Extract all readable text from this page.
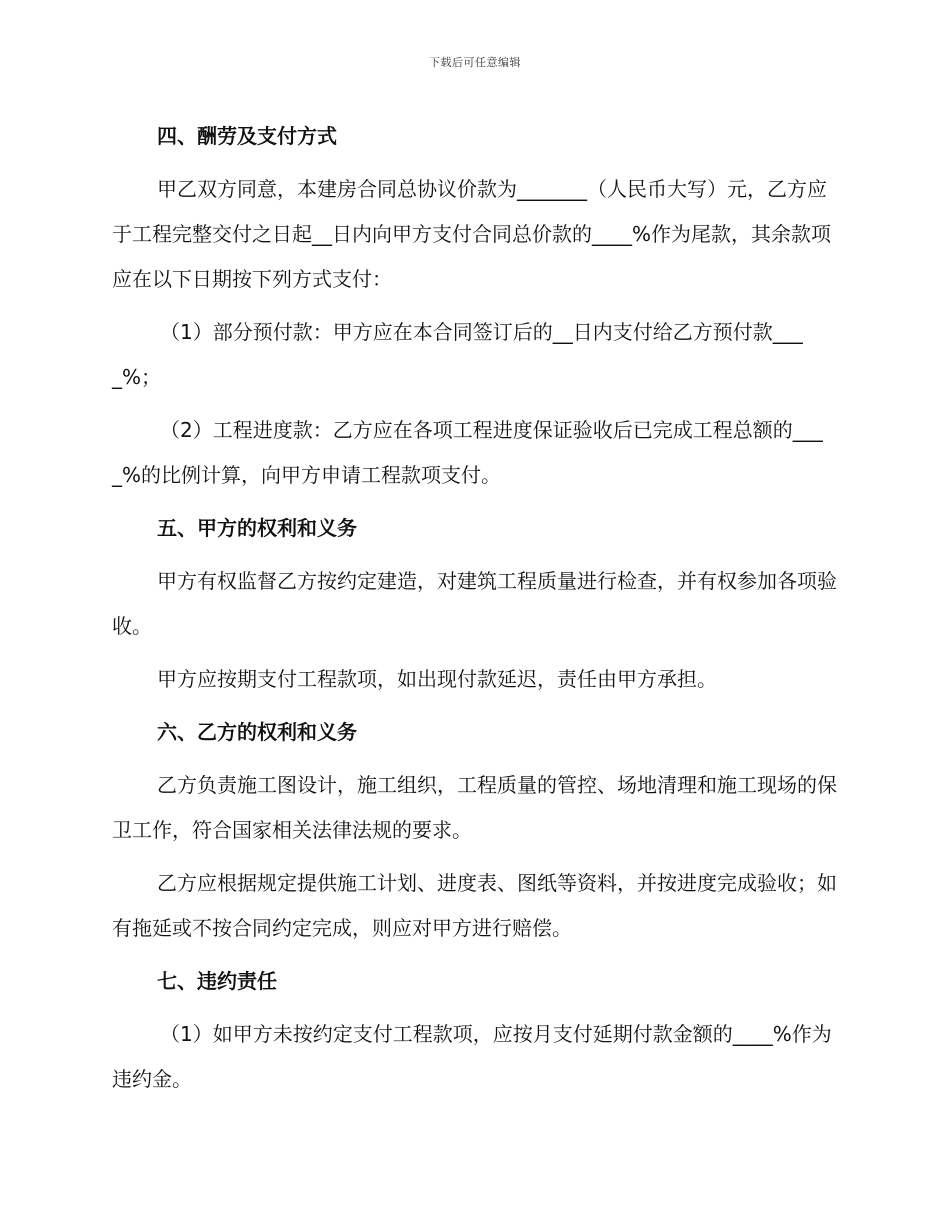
下载后可任意编辑

四、酬劳及支付方式

甲乙双方同意，本建房合同总协议价款为_______（人民币大写）元，乙方应于工程完整交付之日起__日内向甲方支付合同总价款的____%作为尾款，其余款项应在以下日期按下列方式支付：

（1）部分预付款：甲方应在本合同签订后的__日内支付给乙方预付款____%；

（2）工程进度款：乙方应在各项工程进度保证验收后已完成工程总额的____%的比例计算，向甲方申请工程款项支付。

五、甲方的权利和义务

甲方有权监督乙方按约定建造，对建筑工程质量进行检查，并有权参加各项验收。

甲方应按期支付工程款项，如出现付款延迟，责任由甲方承担。

六、乙方的权利和义务

乙方负责施工图设计，施工组织，工程质量的管控、场地清理和施工现场的保卫工作，符合国家相关法律法规的要求。

乙方应根据规定提供施工计划、进度表、图纸等资料，并按进度完成验收；如有拖延或不按合同约定完成，则应对甲方进行赔偿。

七、违约责任

（1）如甲方未按约定支付工程款项，应按月支付延期付款金额的____%作为违约金。
